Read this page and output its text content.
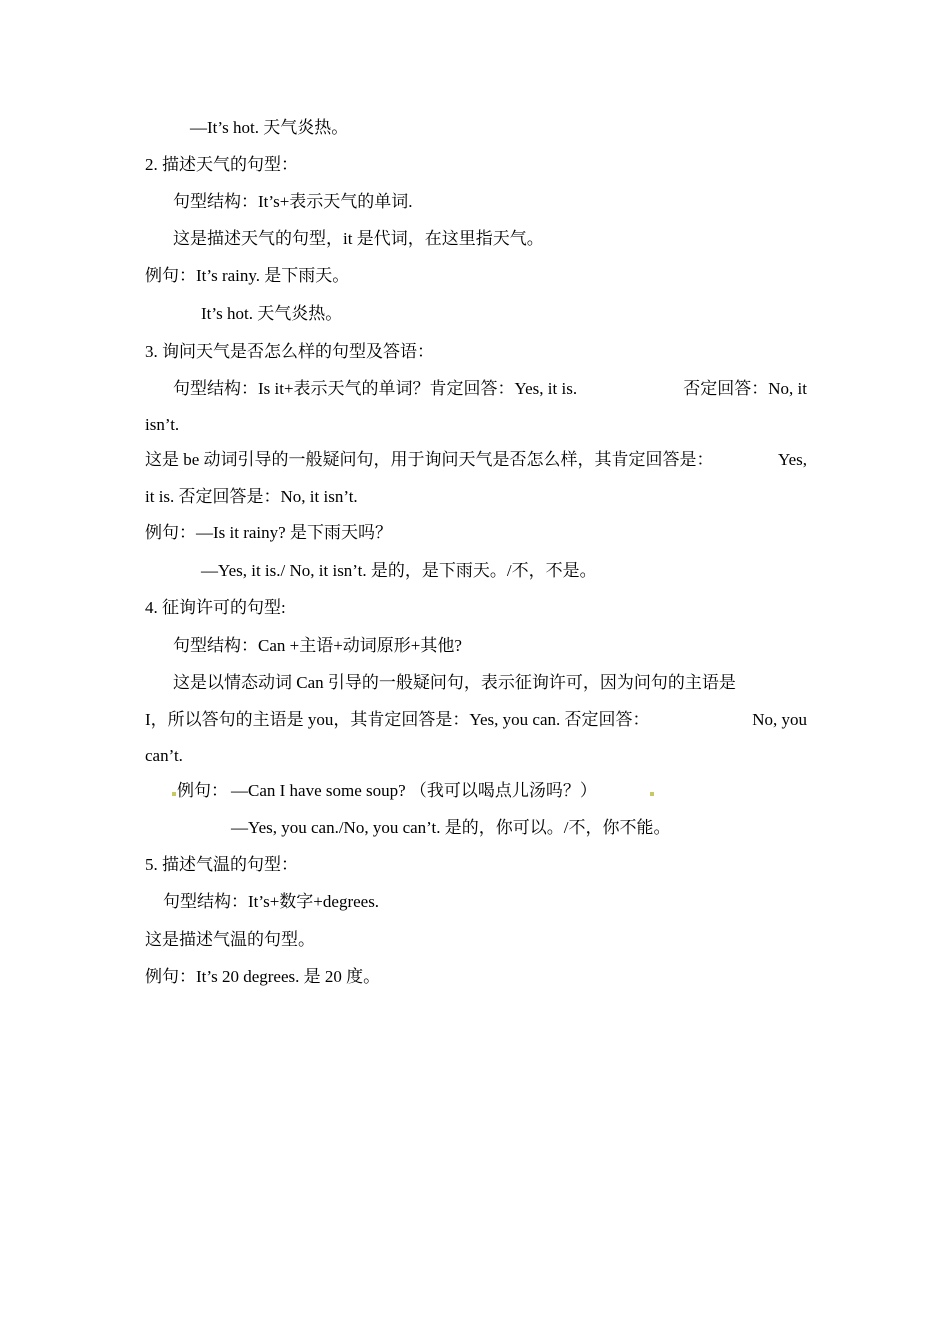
—It’s hot. 天气炎热。

2. 描述天气的句型：

句型结构：It’s+表示天气的单词.

这是描述天气的句型，it 是代词，在这里指天气。

例句：It’s rainy. 是下雨天。

It’s hot. 天气炎热。

3. 询问天气是否怎么样的句型及答语：

句型结构：Is it+表示天气的单词？肯定回答：Yes, it is.	否定回答：No, it

isn’t.

这是 be 动词引导的一般疑问句，用于询问天气是否怎么样，其肯定回答是：	Yes,

it is. 否定回答是：No, it isn’t.

例句：—Is it rainy? 是下雨天吗？

—Yes, it is./ No, it isn’t. 是的，是下雨天。/不，不是。

4. 征询许可的句型:

句型结构：Can +主语+动词原形+其他?

这是以情态动词 Can 引导的一般疑问句，表示征询许可，因为问句的主语是

I，所以答句的主语是 you，其肯定回答是：Yes, you can. 否定回答：	No, you

can’t.

例句： —Can I have some soup? （我可以喝点儿汤吗？）

—Yes, you can./No, you can’t. 是的，你可以。/不，你不能。

5. 描述气温的句型：

句型结构：It’s+数字+degrees.

这是描述气温的句型。

例句：It’s 20 degrees. 是 20 度。
